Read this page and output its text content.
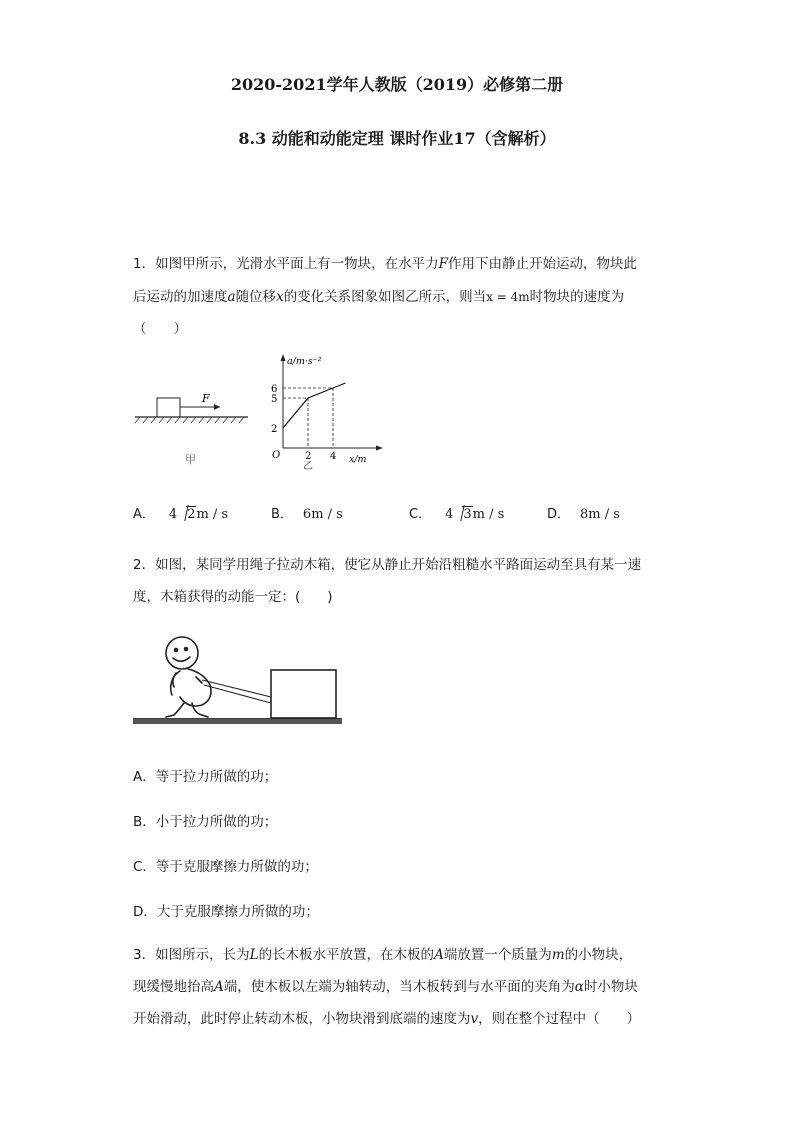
2020-2021学年人教版（2019）必修第二册
8.3 动能和动能定理 课时作业17（含解析）
1．如图甲所示，光滑水平面上有一物块，在水平力F作用下由静止开始运动，物块此
后运动的加速度a随位移x的变化关系图象如图乙所示，则当x = 4m时物块的速度为
（　　）
F
甲
a/m·s⁻²
x/m
O
6
5
2
2 4
乙
A． 4 2m / s	B． 6m / s	C． 4 3m / s	D． 8m / s
2．如图，某同学用绳子拉动木箱，使它从静止开始沿粗糙水平路面运动至具有某一速
度，木箱获得的动能一定：(　　)
A．等于拉力所做的功；
B．小于拉力所做的功；
C．等于克服摩擦力所做的功；
D．大于克服摩擦力所做的功；
3．如图所示，长为L的长木板水平放置，在木板的A端放置一个质量为m的小物块，
现缓慢地抬高A端，使木板以左端为轴转动，当木板转到与水平面的夹角为α时小物块
开始滑动，此时停止转动木板，小物块滑到底端的速度为v，则在整个过程中（　　）
